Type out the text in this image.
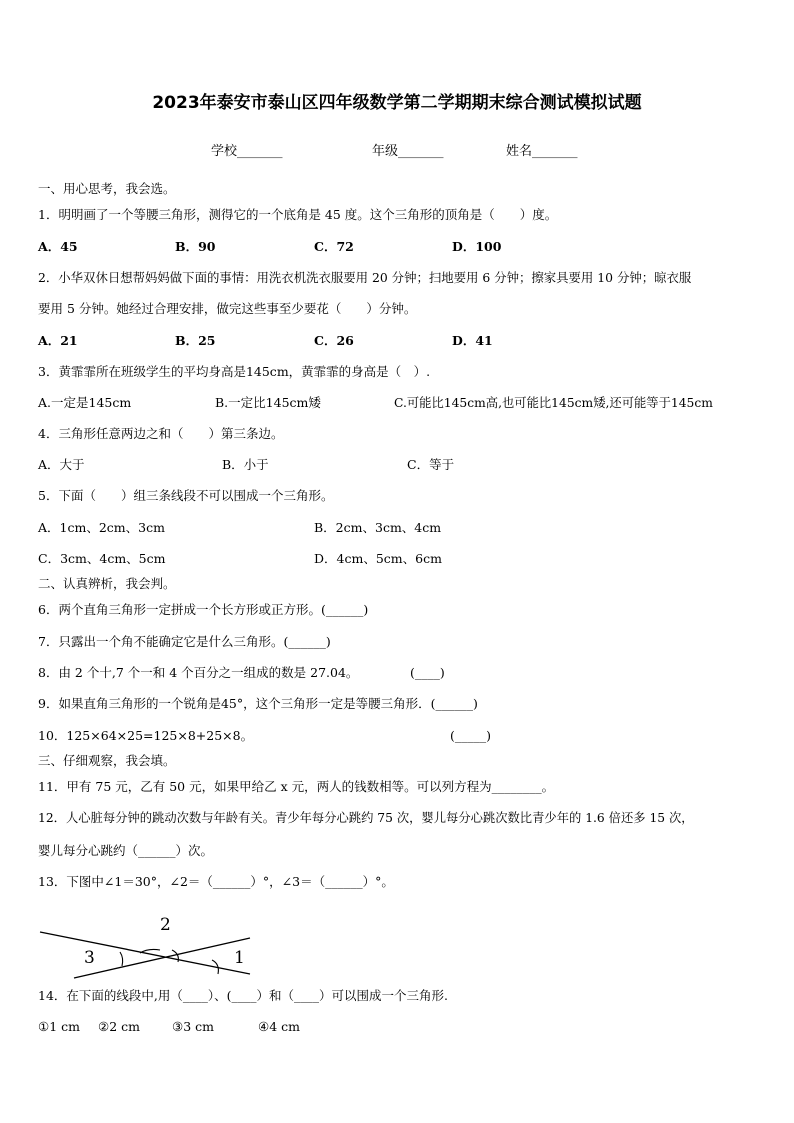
2023年泰安市泰山区四年级数学第二学期期末综合测试模拟试题
学校_______	年级_______	姓名_______
一、用心思考，我会选。
1．明明画了一个等腰三角形，测得它的一个底角是 45 度。这个三角形的顶角是（　　）度。
A．45	B．90	C．72	D．100
2．小华双休日想帮妈妈做下面的事情：用洗衣机洗衣服要用 20 分钟；扫地要用 6 分钟；擦家具要用 10 分钟；晾衣服
要用 5 分钟。她经过合理安排，做完这些事至少要花（　　）分钟。
A．21	B．25	C．26	D．41
3．黄霏霏所在班级学生的平均身高是145cm，黄霏霏的身高是（　）.
A.一定是145cm	B.一定比145cm矮	C.可能比145cm高,也可能比145cm矮,还可能等于145cm
4．三角形任意两边之和（　　）第三条边。
A．大于	B．小于	C．等于
5．下面（　　）组三条线段不可以围成一个三角形。
A．1cm、2cm、3cm	B．2cm、3cm、4cm
C．3cm、4cm、5cm	D．4cm、5cm、6cm
二、认真辨析，我会判。
6．两个直角三角形一定拼成一个长方形或正方形。(______)
7．只露出一个角不能确定它是什么三角形。(______)
8．由 2 个十,7 个一和 4 个百分之一组成的数是 27.04。	(____)
9．如果直角三角形的一个锐角是45°，这个三角形一定是等腰三角形．(______)
10．125×64×25=125×8+25×8。	(_____)
三、仔细观察，我会填。
11．甲有 75 元，乙有 50 元，如果甲给乙 x 元，两人的钱数相等。可以列方程为________。
12．人心脏每分钟的跳动次数与年龄有关。青少年每分心跳约 75 次，婴儿每分心跳次数比青少年的 1.6 倍还多 15 次，
婴儿每分心跳约（______）次。
13．下图中∠1＝30°，∠2＝（______）°，∠3＝（______）°。
2
3	1
14．在下面的线段中,用（____）、(____）和（____）可以围成一个三角形.
①1 cm ②2 cm	③3 cm	④4 cm
